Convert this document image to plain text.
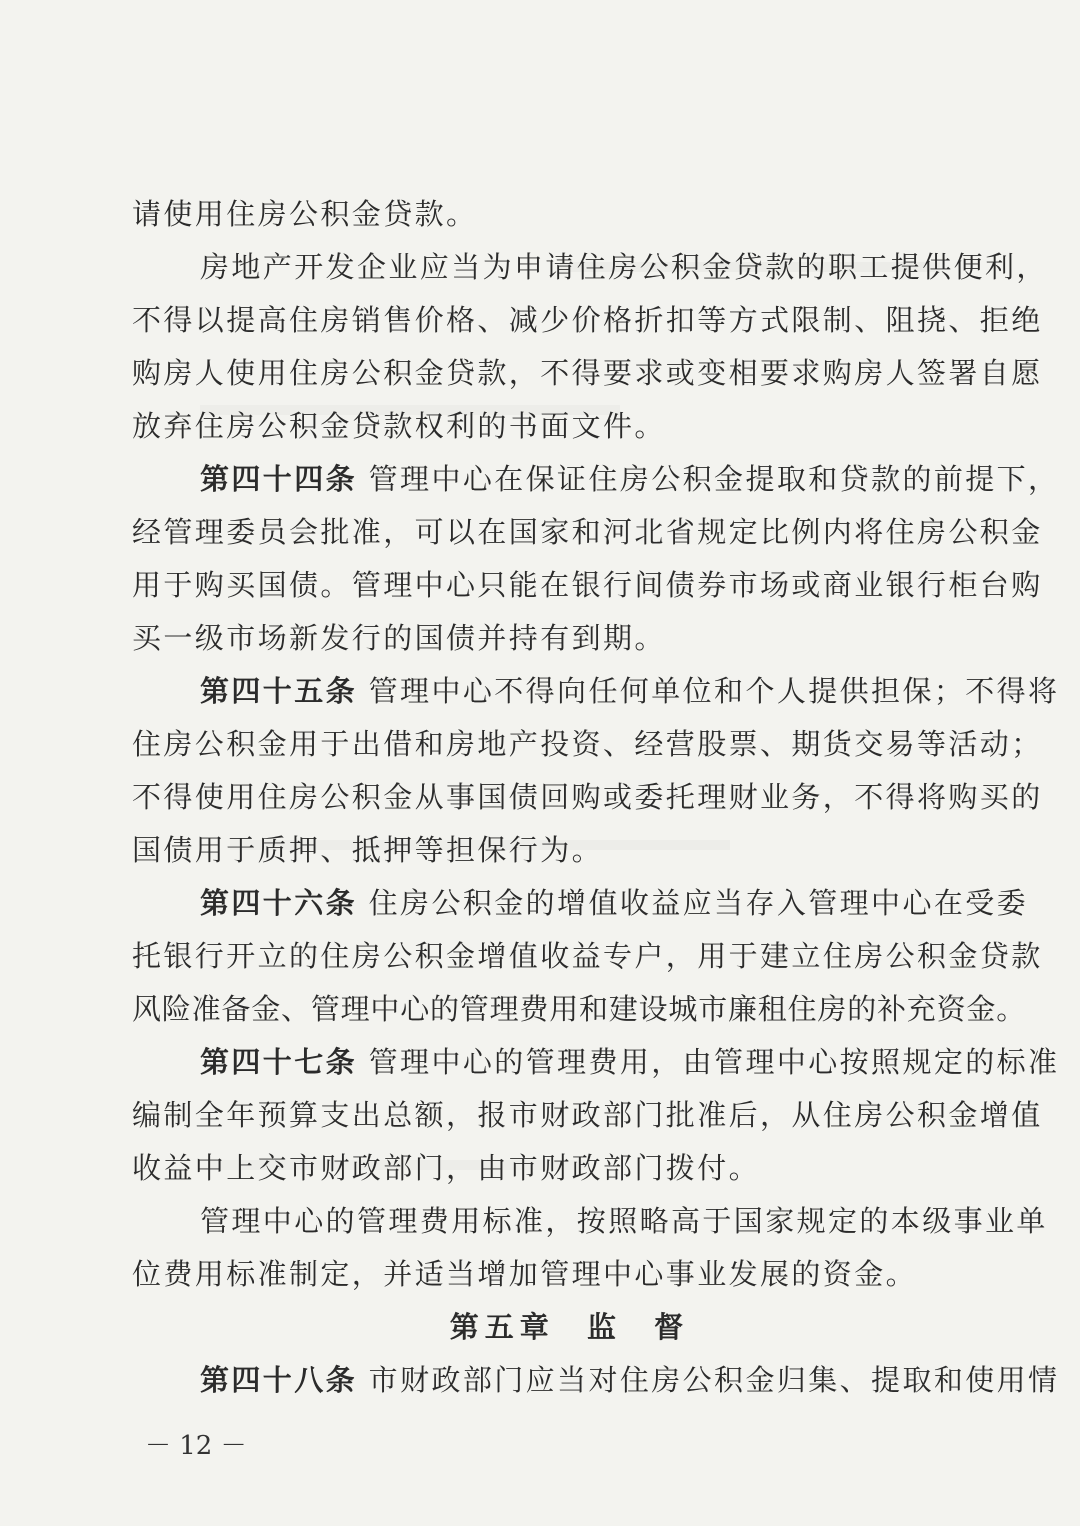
请使用住房公积金贷款。
房地产开发企业应当为申请住房公积金贷款的职工提供便利，
不得以提高住房销售价格、减少价格折扣等方式限制、阻挠、拒绝
购房人使用住房公积金贷款，不得要求或变相要求购房人签署自愿
放弃住房公积金贷款权利的书面文件。
第四十四条 管理中心在保证住房公积金提取和贷款的前提下，
经管理委员会批准，可以在国家和河北省规定比例内将住房公积金
用于购买国债。管理中心只能在银行间债券市场或商业银行柜台购
买一级市场新发行的国债并持有到期。
第四十五条 管理中心不得向任何单位和个人提供担保；不得将
住房公积金用于出借和房地产投资、经营股票、期货交易等活动；
不得使用住房公积金从事国债回购或委托理财业务，不得将购买的
国债用于质押、抵押等担保行为。
第四十六条 住房公积金的增值收益应当存入管理中心在受委
托银行开立的住房公积金增值收益专户，用于建立住房公积金贷款
风险准备金、管理中心的管理费用和建设城市廉租住房的补充资金。
第四十七条 管理中心的管理费用，由管理中心按照规定的标准
编制全年预算支出总额，报市财政部门批准后，从住房公积金增值
收益中上交市财政部门，由市财政部门拨付。
管理中心的管理费用标准，按照略高于国家规定的本级事业单
位费用标准制定，并适当增加管理中心事业发展的资金。
第五章  监  督
第四十八条 市财政部门应当对住房公积金归集、提取和使用情
－ 12 －
